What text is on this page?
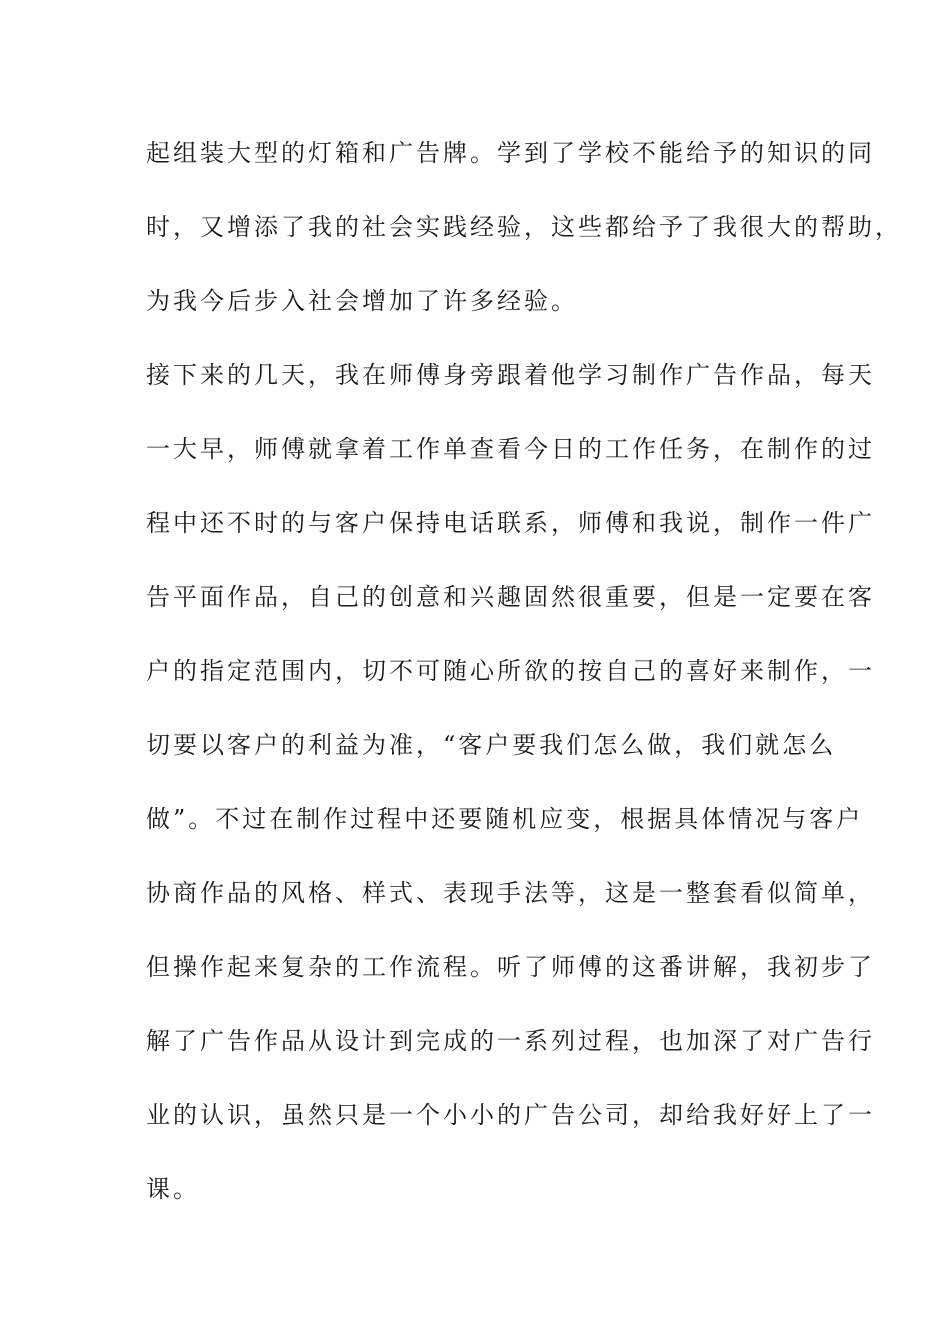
起组装大型的灯箱和广告牌。学到了学校不能给予的知识的同

时，又增添了我的社会实践经验，这些都给予了我很大的帮助，

为我今后步入社会增加了许多经验。

接下来的几天，我在师傅身旁跟着他学习制作广告作品，每天

一大早，师傅就拿着工作单查看今日的工作任务，在制作的过

程中还不时的与客户保持电话联系，师傅和我说，制作一件广

告平面作品，自己的创意和兴趣固然很重要，但是一定要在客

户的指定范围内，切不可随心所欲的按自己的喜好来制作，一

切要以客户的利益为准，“客户要我们怎么做，我们就怎么

做”。不过在制作过程中还要随机应变，根据具体情况与客户

协商作品的风格、样式、表现手法等，这是一整套看似简单，

但操作起来复杂的工作流程。听了师傅的这番讲解，我初步了

解了广告作品从设计到完成的一系列过程，也加深了对广告行

业的认识，虽然只是一个小小的广告公司，却给我好好上了一

课。
